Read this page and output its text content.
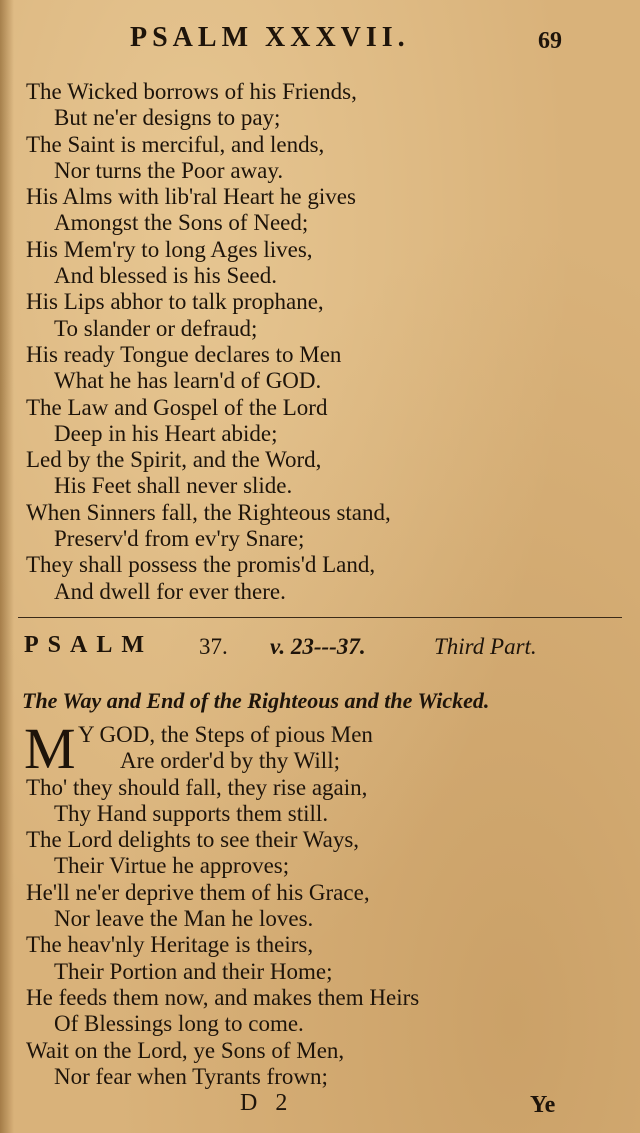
PSALM XXXVII.	69
The Wicked borrows of his Friends,
But ne'er designs to pay;
The Saint is merciful, and lends,
Nor turns the Poor away.
His Alms with lib'ral Heart he gives
Amongst the Sons of Need;
His Mem'ry to long Ages lives,
And blessed is his Seed.
His Lips abhor to talk prophane,
To slander or defraud;
His ready Tongue declares to Men
What he has learn'd of GOD.
The Law and Gospel of the Lord
Deep in his Heart abide;
Led by the Spirit, and the Word,
His Feet shall never slide.
When Sinners fall, the Righteous stand,
Preserv'd from ev'ry Snare;
They shall possess the promis'd Land,
And dwell for ever there.
PSALM 37. v. 23---37.	Third Part.
The Way and End of the Righteous and the Wicked.
M Y GOD, the Steps of pious Men
Are order'd by thy Will;
Tho' they should fall, they rise again,
Thy Hand supports them still.
The Lord delights to see their Ways,
Their Virtue he approves;
He'll ne'er deprive them of his Grace,
Nor leave the Man he loves.
The heav'nly Heritage is theirs,
Their Portion and their Home;
He feeds them now, and makes them Heirs
Of Blessings long to come.
Wait on the Lord, ye Sons of Men,
Nor fear when Tyrants frown;
D 2	Ye
